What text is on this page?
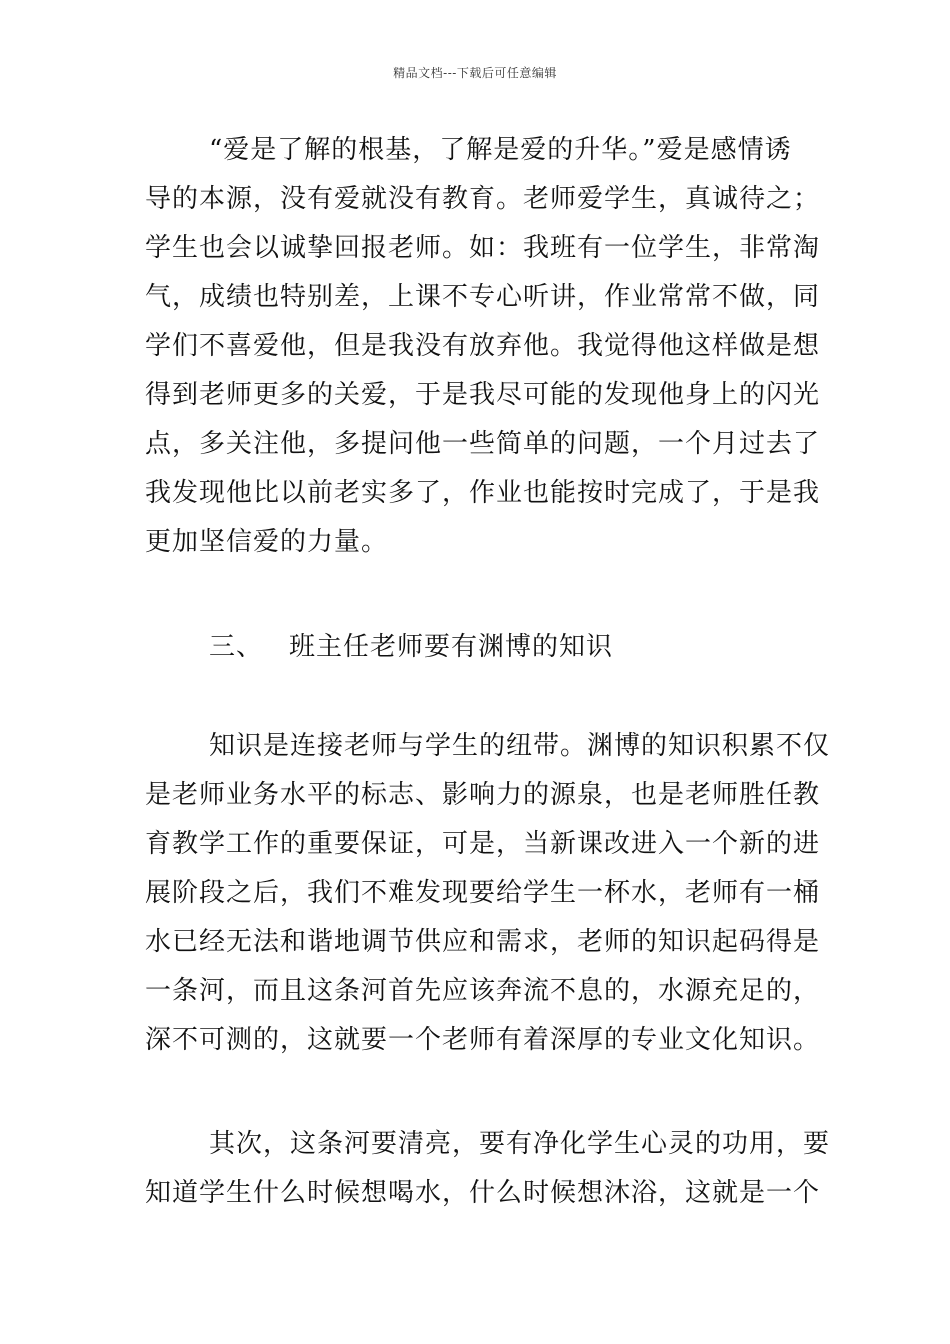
精品文档---下载后可任意编辑
“爱是了解的根基，了解是爱的升华。”爱是感情诱
导的本源，没有爱就没有教育。老师爱学生，真诚待之；
学生也会以诚挚回报老师。如：我班有一位学生，非常淘
气，成绩也特别差，上课不专心听讲，作业常常不做，同
学们不喜爱他，但是我没有放弃他。我觉得他这样做是想
得到老师更多的关爱，于是我尽可能的发现他身上的闪光
点，多关注他，多提问他一些简单的问题，一个月过去了
我发现他比以前老实多了，作业也能按时完成了，于是我
更加坚信爱的力量。
三、 班主任老师要有渊博的知识
知识是连接老师与学生的纽带。渊博的知识积累不仅
是老师业务水平的标志、影响力的源泉，也是老师胜任教
育教学工作的重要保证，可是，当新课改进入一个新的进
展阶段之后，我们不难发现要给学生一杯水，老师有一桶
水已经无法和谐地调节供应和需求，老师的知识起码得是
一条河，而且这条河首先应该奔流不息的，水源充足的，
深不可测的，这就要一个老师有着深厚的专业文化知识。
其次，这条河要清亮，要有净化学生心灵的功用，要
知道学生什么时候想喝水，什么时候想沐浴，这就是一个
